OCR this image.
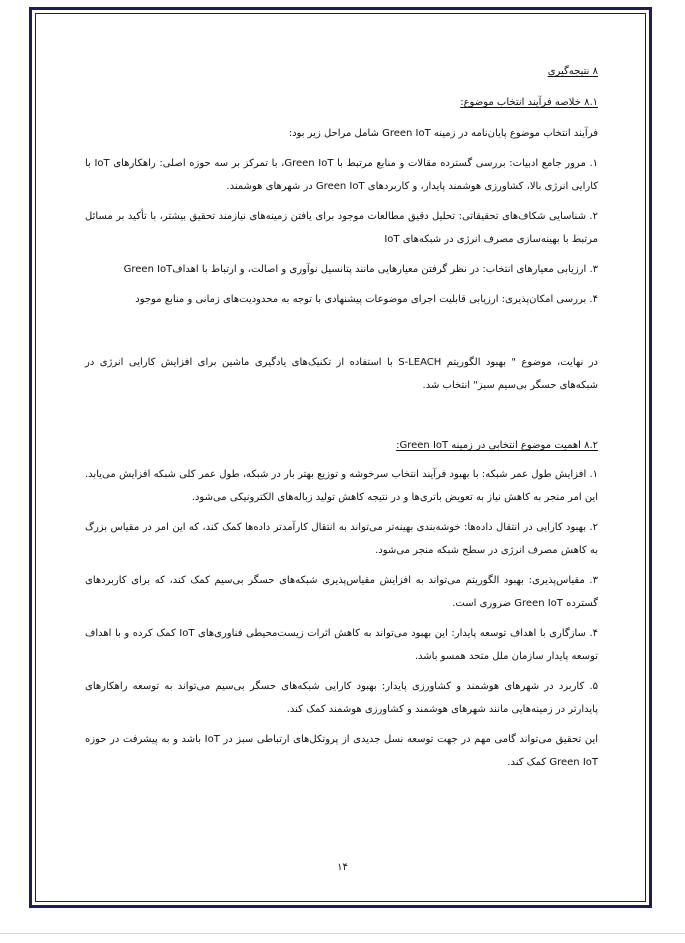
۸ نتیجه‌گیری
۸.۱ خلاصه فرآیند انتخاب موضوع:

فرآیند انتخاب موضوع پایان‌نامه در زمینه Green IoT شامل مراحل زیر بود:

۱. مرور جامع ادبیات: بررسی گسترده مقالات و منابع مرتبط با Green IoT، با تمرکز بر سه حوزه اصلی: راهکارهای IoT با کارایی انرژی بالا، کشاورزی هوشمند پایدار، و کاربردهای Green IoT در شهرهای هوشمند.

۲. شناسایی شکاف‌های تحقیقاتی: تحلیل دقیق مطالعات موجود برای یافتن زمینه‌های نیازمند تحقیق بیشتر، با تأکید بر مسائل مرتبط با بهینه‌سازی مصرف انرژی در شبکه‌های IoT

۳. ارزیابی معیارهای انتخاب: در نظر گرفتن معیارهایی مانند پتانسیل نوآوری و اصالت، و ارتباط با اهدافGreen IoT

۴. بررسی امکان‌پذیری: ارزیابی قابلیت اجرای موضوعات پیشنهادی با توجه به محدودیت‌های زمانی و منابع موجود

در نهایت، موضوع " بهبود الگوریتم S-LEACH با استفاده از تکنیک‌های یادگیری ماشین برای افزایش کارایی انرژی در شبکه‌های حسگر بی‌سیم سبز" انتخاب شد.

۸.۲ اهمیت موضوع انتخابی در زمینه Green IoT:

۱. افزایش طول عمر شبکه: با بهبود فرآیند انتخاب سرخوشه و توزیع بهتر بار در شبکه، طول عمر کلی شبکه افزایش می‌یابد. این امر منجر به کاهش نیاز به تعویض باتری‌ها و در نتیجه کاهش تولید زباله‌های الکترونیکی می‌شود.

۲. بهبود کارایی در انتقال داده‌ها: خوشه‌بندی بهینه‌تر می‌تواند به انتقال کارآمدتر داده‌ها کمک کند، که این امر در مقیاس بزرگ به کاهش مصرف انرژی در سطح شبکه منجر می‌شود.

۳. مقیاس‌پذیری: بهبود الگوریتم می‌تواند به افزایش مقیاس‌پذیری شبکه‌های حسگر بی‌سیم کمک کند، که برای کاربردهای گسترده Green IoT ضروری است.

۴. سازگاری با اهداف توسعه پایدار: این بهبود می‌تواند به کاهش اثرات زیست‌محیطی فناوری‌های IoT کمک کرده و با اهداف توسعه پایدار سازمان ملل متحد همسو باشد.

۵. کاربرد در شهرهای هوشمند و کشاورزی پایدار: بهبود کارایی شبکه‌های حسگر بی‌سیم می‌تواند به توسعه راهکارهای پایدارتر در زمینه‌هایی مانند شهرهای هوشمند و کشاورزی هوشمند کمک کند.

این تحقیق می‌تواند گامی مهم در جهت توسعه نسل جدیدی از پروتکل‌های ارتباطی سبز در IoT باشد و به پیشرفت در حوزه Green IoT کمک کند.

۱۴
